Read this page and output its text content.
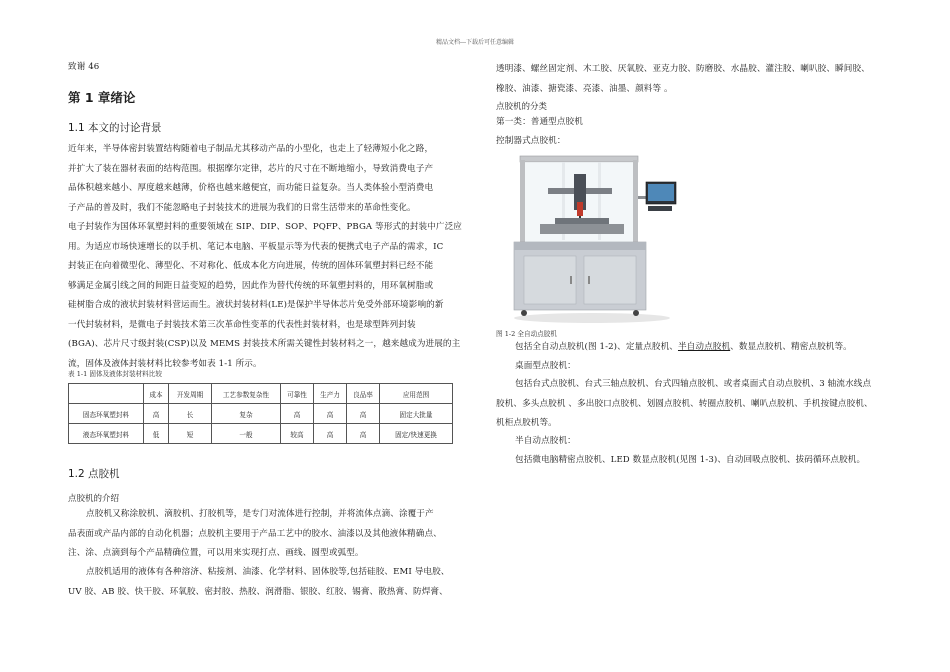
精品文档---下载后可任意编辑
致谢 46
第 1 章绪论
1.1 本文的讨论背景
近年来，半导体密封装置结构随着电子制品尤其移动产品的小型化，也走上了轻薄短小化之路，
并扩大了装在器材表面的结构范围。根据摩尔定律，芯片的尺寸在不断地缩小，导致消费电子产
品体积越来越小、厚度越来越薄，价格也越来越便宜，而功能日益复杂。当人类体验小型消费电
子产品的普及时，我们不能忽略电子封装技术的进展为我们的日常生活带来的革命性变化。
电子封装作为国体环氧塑封料的重要领域在 SIP、DIP、SOP、PQFP、PBGA 等形式的封装中广泛应
用。为适应市场快速增长的以手机、笔记本电脑、平板显示等为代表的便携式电子产品的需求，IC
封装正在向着微型化、薄型化、不对称化、低成本化方向进展，传统的固体环氧塑封料已经不能
够满足金属引线之间的间距日益变短的趋势，因此作为替代传统的环氧塑封料的，用环氧树脂或
硅树脂合成的液状封装材料营运而生。液状封装材料(LE)是保护半导体芯片免受外部环境影响的新
一代封装材料，是微电子封装技术第三次革命性变革的代表性封装材料，也是球型阵列封装
(BGA)、芯片尺寸级封装(CSP)以及 MEMS 封装技术所需关键性封装材料之一，越来越成为进展的主
流，固体及液体封装材料比较参考如表 1-1 所示。
表 1-1 固体及液体封装材料比较
	成本	开发周期	工艺参数复杂性	可靠性	生产力	良品率	应用范围
固态环氧塑封料	高	长	复杂	高	高	高	固定大批量
液态环氧塑封料	低	短	一般	较高	高	高	固定/快速更换
1.2 点胶机
点胶机的介绍
点胶机又称涂胶机、滴胶机、打胶机等，是专门对流体进行控制，并将流体点滴、涂覆于产
品表面或产品内部的自动化机器；点胶机主要用于产品工艺中的胶水、油漆以及其他液体精确点、
注、涂、点滴到每个产品精确位置，可以用来实现打点、画线、圆型或弧型。
点胶机适用的液体有各种溶济、粘接剂、油漆、化学材料、固体胶等,包括硅胶、EMI 导电胶、
UV 胶、AB 胶、快干胶、环氧胶、密封胶、热胶、润滑脂、银胶、红胶、锡膏、散热膏、防焊膏、
透明漆、螺丝固定剂、木工胶、厌氧胶、亚克力胶、防磨胶、水晶胶、灌注胶、喇叭胶、瞬间胶、
橡胶、油漆、搪瓷漆、亮漆、油墨、颜料等 。
点胶机的分类
第一类：普通型点胶机
控制器式点胶机：
图 1-2 全自动点胶机
包括全自动点胶机(图 1-2)、定量点胶机、半自动点胶机、数显点胶机、精密点胶机等。
桌面型点胶机：
包括台式点胶机、台式三轴点胶机、台式四轴点胶机、或者桌面式自动点胶机、3 轴流水线点
胶机、多头点胶机 、多出胶口点胶机、划圆点胶机、转圈点胶机、喇叭点胶机、手机按键点胶机、
机柜点胶机等。
半自动点胶机：
包括微电脑精密点胶机、LED 数显点胶机(见图 1-3)、自动回吸点胶机、拔码循环点胶机。
